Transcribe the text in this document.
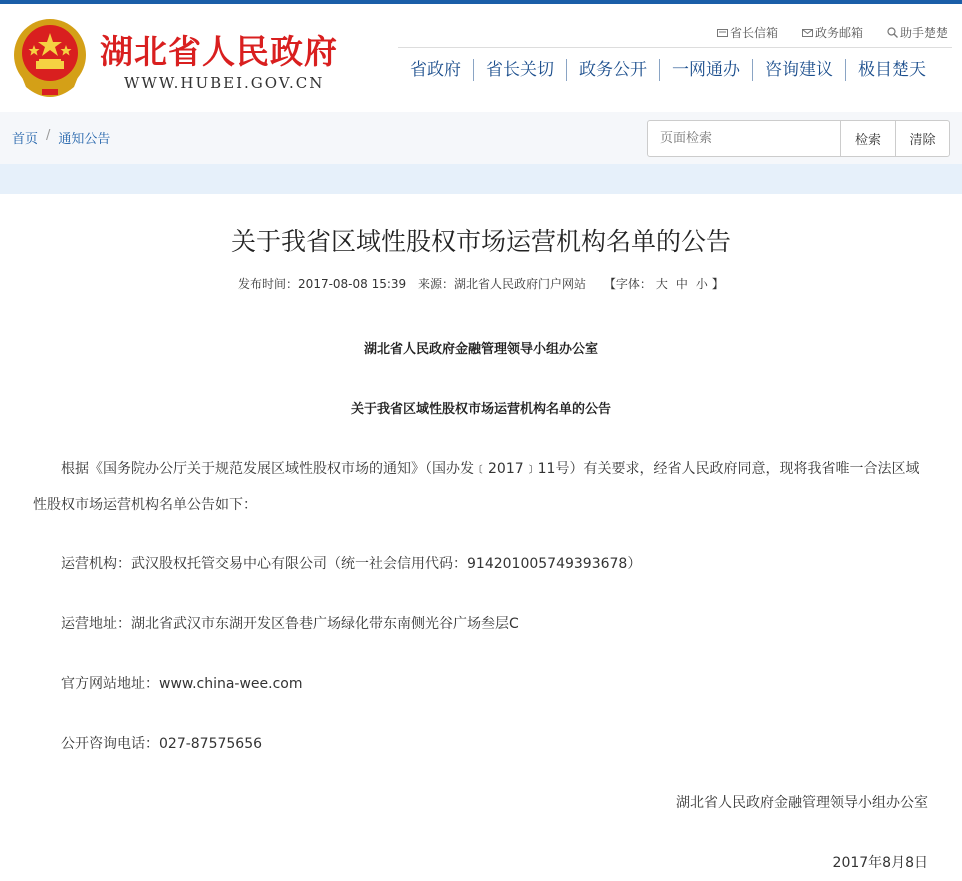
湖北省人民政府
WWW.HUBEI.GOV.CN
省长信箱	政务邮箱	助手楚楚
省政府	省长关切	政务公开	一网通办	咨询建议	极目楚天
首页 / 通知公告
页面检索	检索	清除
关于我省区域性股权市场运营机构名单的公告
发布时间：2017-08-08 15:39 来源：湖北省人民政府门户网站 【字体： 大 中 小 】
湖北省人民政府金融管理领导小组办公室
关于我省区域性股权市场运营机构名单的公告
根据《国务院办公厅关于规范发展区域性股权市场的通知》（国办发﹝2017﹞11号）有关要求，经省人民政府同意，现将我省唯一合法区域
性股权市场运营机构名单公告如下：
运营机构：武汉股权托管交易中心有限公司（统一社会信用代码：914201005749393678）
运营地址：湖北省武汉市东湖开发区鲁巷广场绿化带东南侧光谷广场叁层C
官方网站地址：www.china-wee.com
公开咨询电话：027-87575656
湖北省人民政府金融管理领导小组办公室
2017年8月8日
